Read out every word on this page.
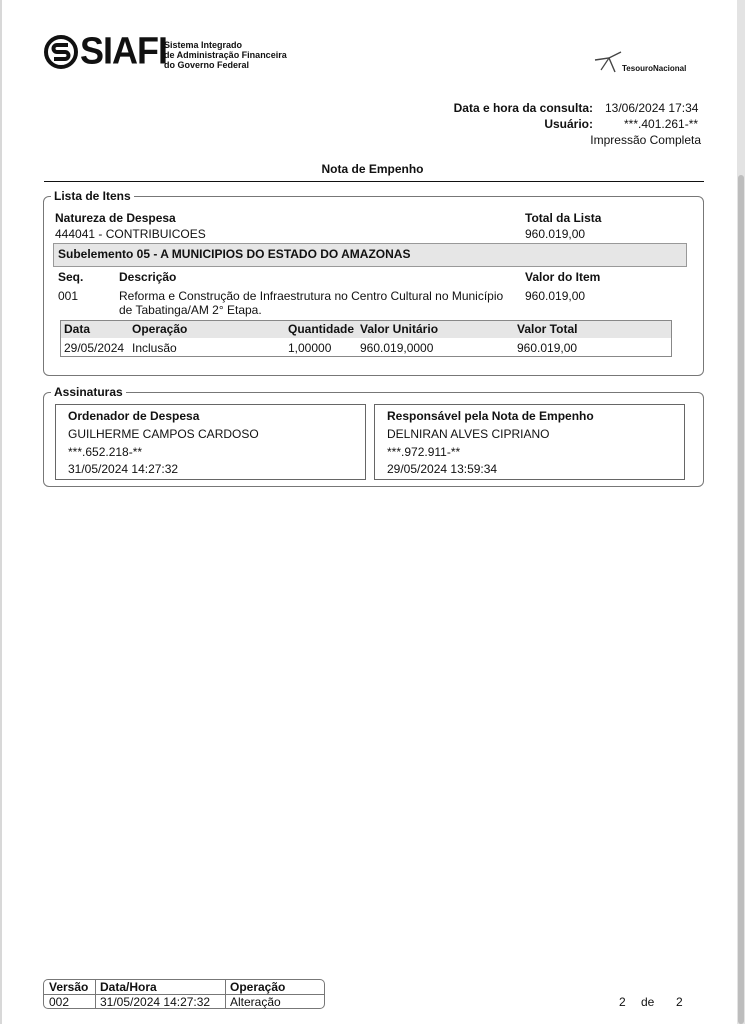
SIAFI
Sistema Integrado
de Administração Financeira
do Governo Federal	TesouroNacional
Data e hora da consulta: 13/06/2024 17:34
Usuário:	***.401.261-**
Impressão Completa
Nota de Empenho
Lista de Itens
Natureza de Despesa
444041 - CONTRIBUICOES
Total da Lista
960.019,00
Subelemento 05 - A MUNICIPIOS DO ESTADO DO AMAZONAS
Seq.	Descrição	Valor do Item
001	Reforma e Construção de Infraestrutura no Centro Cultural no Município
de Tabatinga/AM 2° Etapa.
960.019,00
Data	Operação	Quantidade Valor Unitário	Valor Total
29/05/2024 Inclusão	1,00000 960.019,0000	960.019,00
Assinaturas
Ordenador de Despesa
GUILHERME CAMPOS CARDOSO
***.652.218-**
31/05/2024 14:27:32
Responsável pela Nota de Empenho
DELNIRAN ALVES CIPRIANO
***.972.911-**
29/05/2024 13:59:34
Versão Data/Hora	Operação
002	31/05/2024 14:27:32 Alteração	2 de 2
